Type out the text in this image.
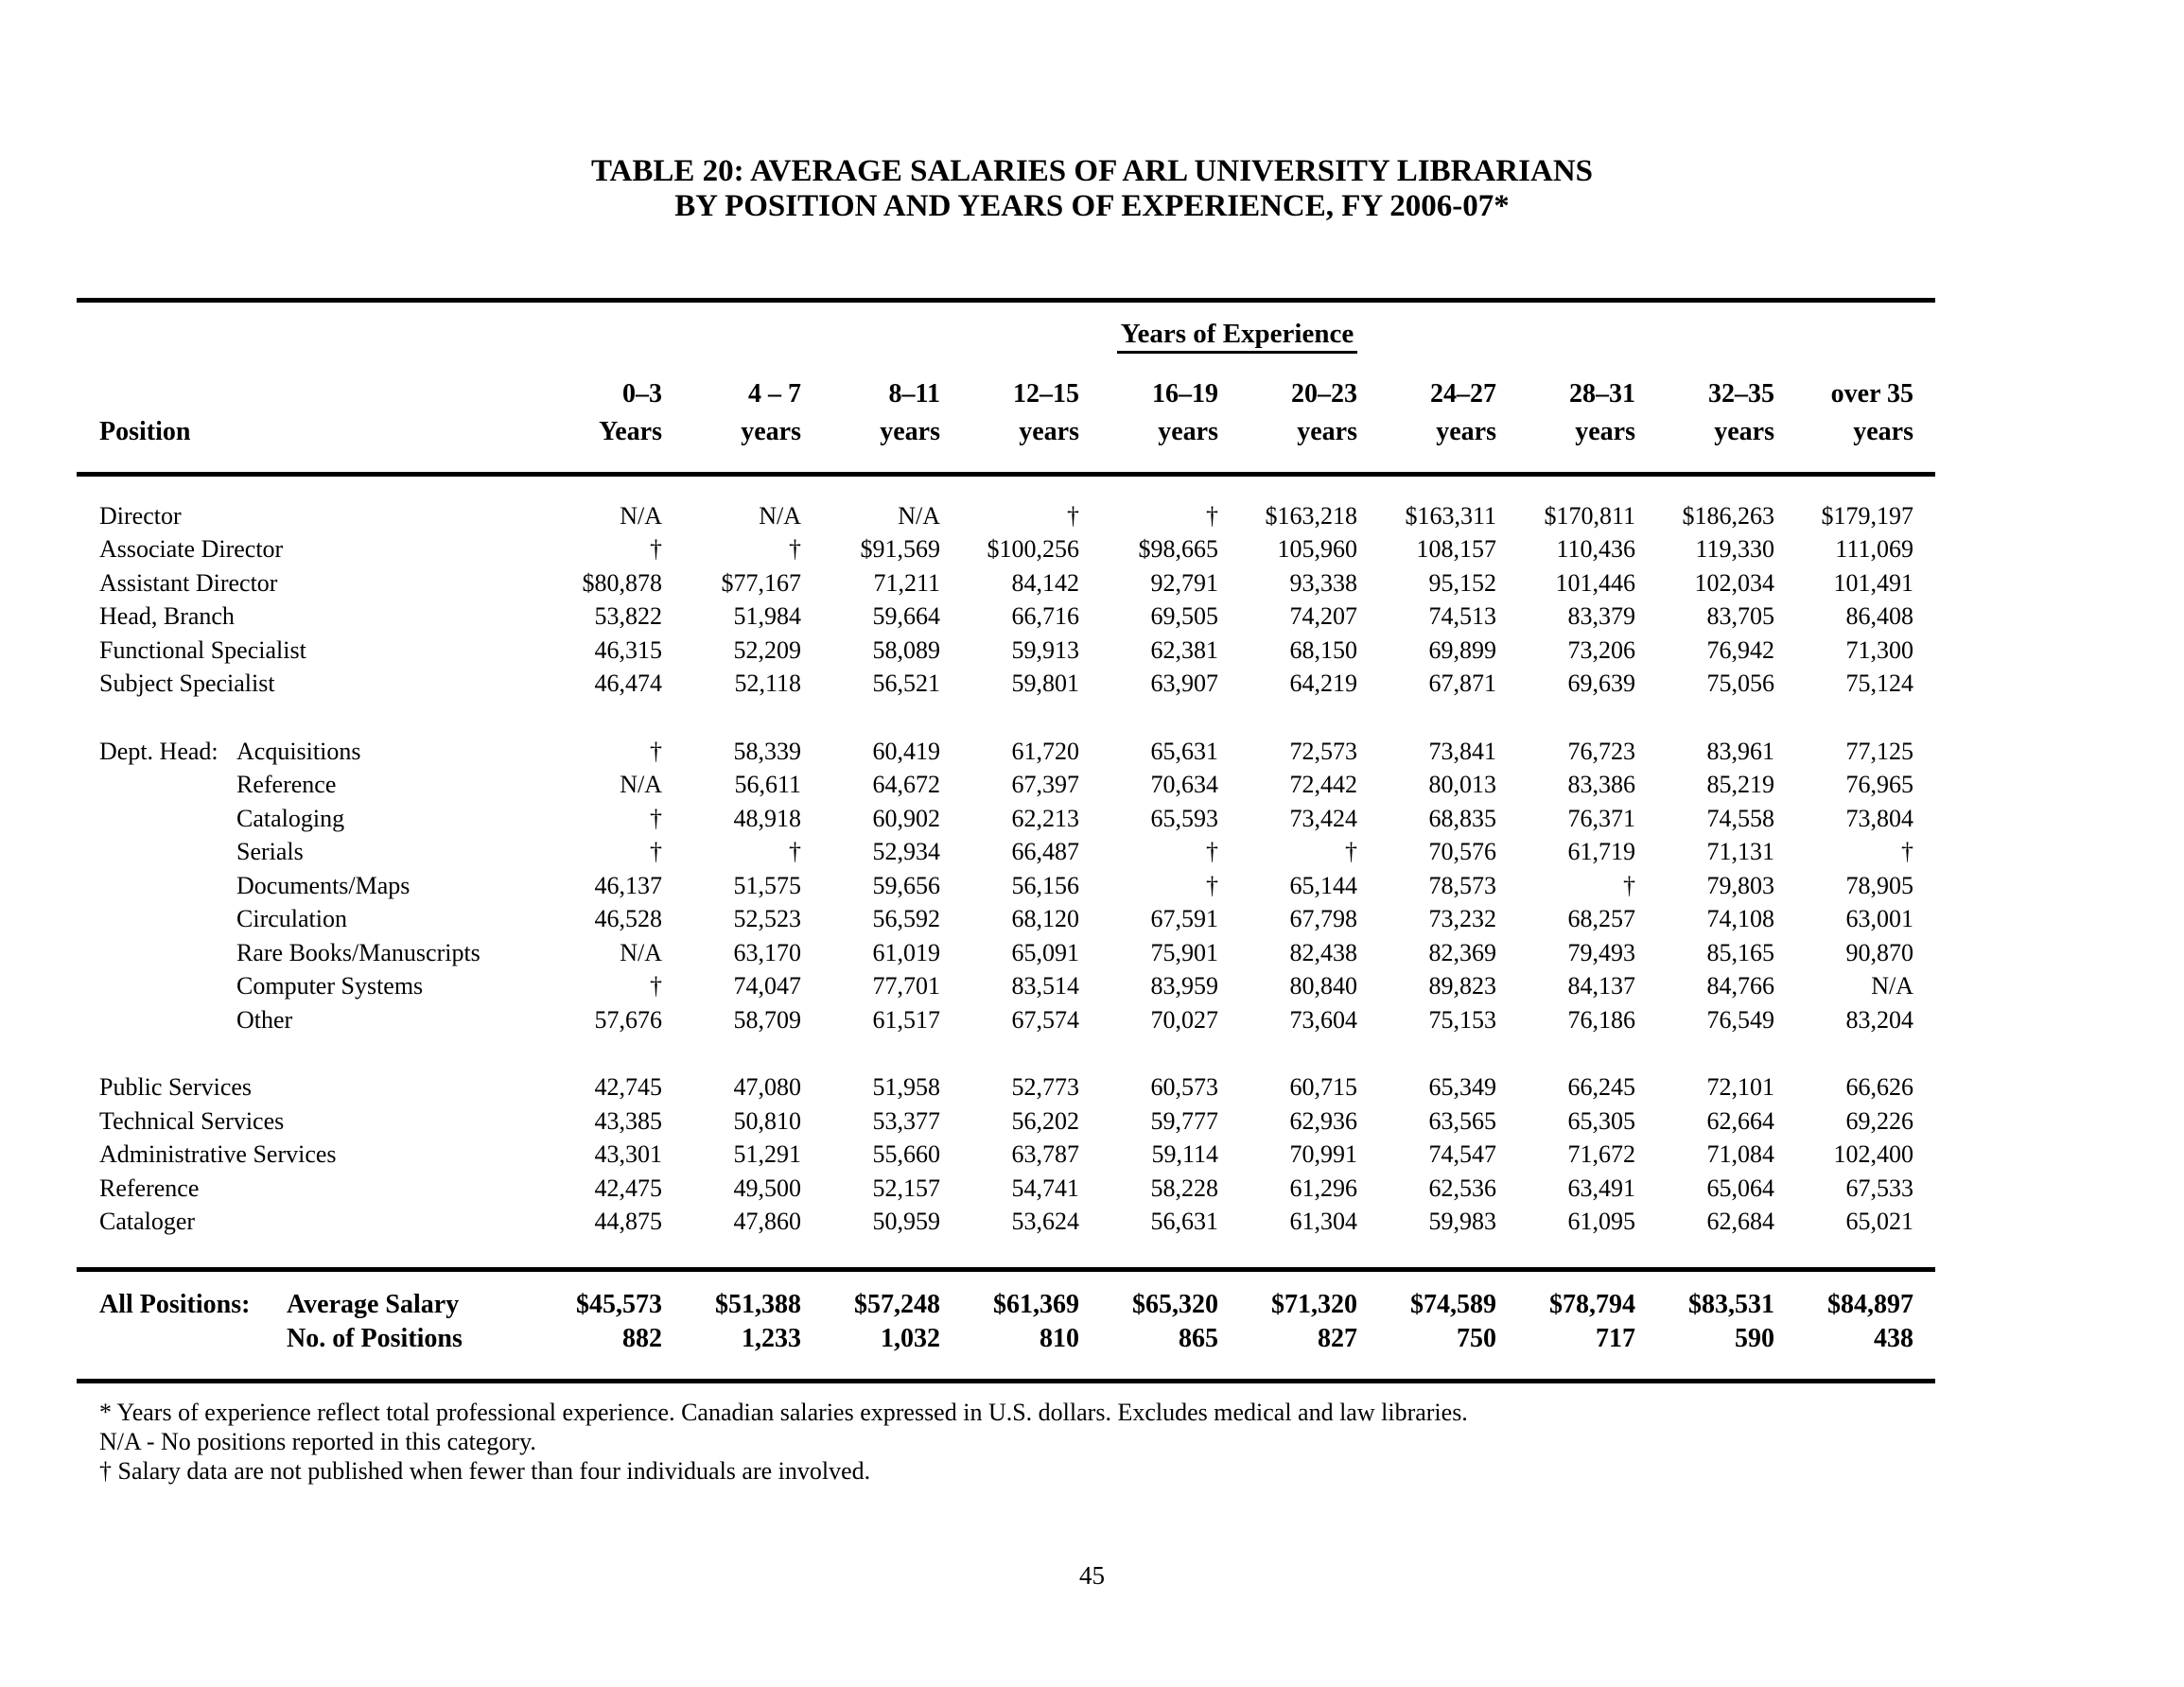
TABLE 20: AVERAGE SALARIES OF ARL UNIVERSITY LIBRARIANS
BY POSITION AND YEARS OF EXPERIENCE, FY 2006-07*
Years of Experience
	0–3	4 – 7	8–11	12–15	16–19	20–23	24–27	28–31	32–35	over 35
Position	Years	years	years	years	years	years	years	years	years	years
Director	N/A	N/A	N/A	†	†	$163,218	$163,311	$170,811	$186,263	$179,197
Associate Director	†	†	$91,569	$100,256	$98,665	105,960	108,157	110,436	119,330	111,069
Assistant Director	$80,878	$77,167	71,211	84,142	92,791	93,338	95,152	101,446	102,034	101,491
Head, Branch	53,822	51,984	59,664	66,716	69,505	74,207	74,513	83,379	83,705	86,408
Functional Specialist	46,315	52,209	58,089	59,913	62,381	68,150	69,899	73,206	76,942	71,300
Subject Specialist	46,474	52,118	56,521	59,801	63,907	64,219	67,871	69,639	75,056	75,124

Dept. Head: Acquisitions	†	58,339	60,419	61,720	65,631	72,573	73,841	76,723	83,961	77,125
Reference	N/A	56,611	64,672	67,397	70,634	72,442	80,013	83,386	85,219	76,965
Cataloging	†	48,918	60,902	62,213	65,593	73,424	68,835	76,371	74,558	73,804
Serials	†	†	52,934	66,487	†	†	70,576	61,719	71,131	†
Documents/Maps	46,137	51,575	59,656	56,156	†	65,144	78,573	†	79,803	78,905
Circulation	46,528	52,523	56,592	68,120	67,591	67,798	73,232	68,257	74,108	63,001
Rare Books/Manuscripts	N/A	63,170	61,019	65,091	75,901	82,438	82,369	79,493	85,165	90,870
Computer Systems	†	74,047	77,701	83,514	83,959	80,840	89,823	84,137	84,766	N/A
Other	57,676	58,709	61,517	67,574	70,027	73,604	75,153	76,186	76,549	83,204

Public Services	42,745	47,080	51,958	52,773	60,573	60,715	65,349	66,245	72,101	66,626
Technical Services	43,385	50,810	53,377	56,202	59,777	62,936	63,565	65,305	62,664	69,226
Administrative Services	43,301	51,291	55,660	63,787	59,114	70,991	74,547	71,672	71,084	102,400
Reference	42,475	49,500	52,157	54,741	58,228	61,296	62,536	63,491	65,064	67,533
Cataloger	44,875	47,860	50,959	53,624	56,631	61,304	59,983	61,095	62,684	65,021
All Positions: Average Salary	$45,573	$51,388	$57,248	$61,369	$65,320	$71,320	$74,589	$78,794	$83,531	$84,897
No. of Positions	882	1,233	1,032	810	865	827	750	717	590	438
* Years of experience reflect total professional experience. Canadian salaries expressed in U.S. dollars. Excludes medical and law libraries.
N/A - No positions reported in this category.
† Salary data are not published when fewer than four individuals are involved.
45
